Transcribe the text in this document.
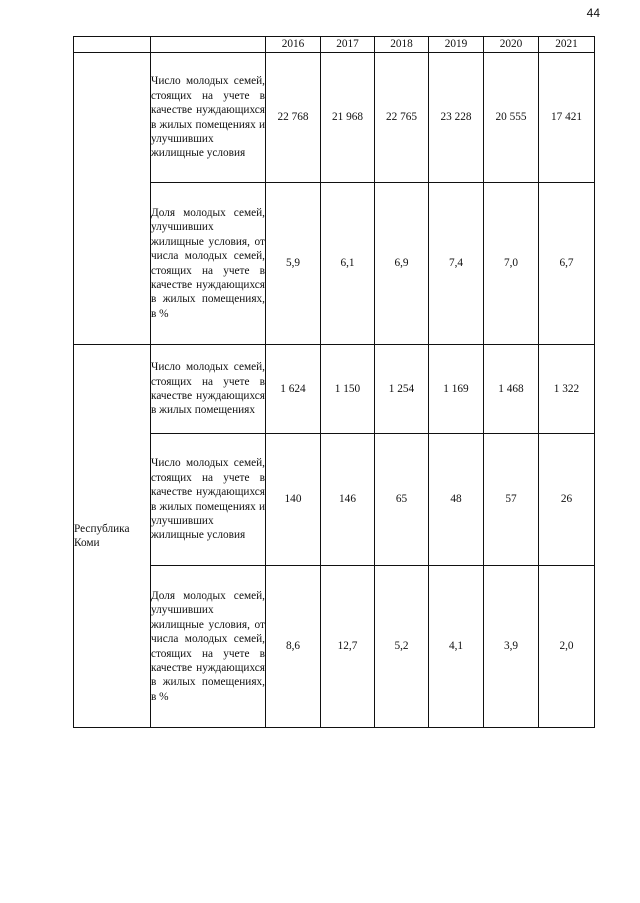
44
		2016	2017	2018	2019	2020	2021

	Число молодых семей, стоящих на учете в качестве нуждающихся в жилых помещениях и улучшивших жилищные условия	22 768	21 968	22 765	23 228	20 555	17 421

	Доля молодых семей, улучшивших жилищные условия, от числа молодых семей, стоящих на учете в качестве нуждающихся в жилых помещениях, в %	5,9	6,1	6,9	7,4	7,0	6,7
Республика Коми	Число молодых семей, стоящих на учете в качестве нуждающихся в жилых помещениях	1 624	1 150	1 254	1 169	1 468	1 322

	Число молодых семей, стоящих на учете в качестве нуждающихся в жилых помещениях и улучшивших жилищные условия	140	146	65	48	57	26

	Доля молодых семей, улучшивших жилищные условия, от числа молодых семей, стоящих на учете в качестве нуждающихся в жилых помещениях, в %	8,6	12,7	5,2	4,1	3,9	2,0
